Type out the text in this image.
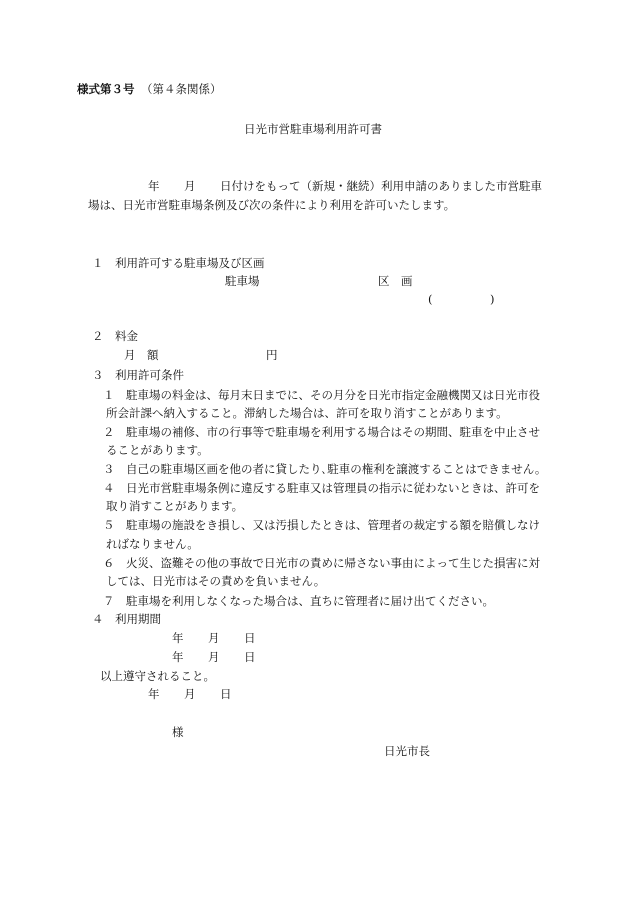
様式第３号 （第４条関係）
日光市営駐車場利用許可書
年 月 日付けをもって（新規・継続）利用申請のありました市営駐車
場は、日光市営駐車場条例及び次の条件により利用を許可いたします。
１　利用許可する駐車場及び区画
駐車場	区　画
(　　　　　)
２　料金
月　額	円
３　利用許可条件
１　駐車場の料金は、毎月末日までに、その月分を日光市指定金融機関又は日光市役
所会計課へ納入すること。滞納した場合は、許可を取り消すことがあります。
２　駐車場の補修、市の行事等で駐車場を利用する場合はその期間、駐車を中止させ
ることがあります。
３　自己の駐車場区画を他の者に貸したり､駐車の権利を譲渡することはできません。
４　日光市営駐車場条例に違反する駐車又は管理員の指示に従わないときは、許可を
取り消すことがあります。
５　駐車場の施設をき損し、又は汚損したときは、管理者の裁定する額を賠償しなけ
ればなりません。
６　火災、盗難その他の事故で日光市の責めに帰さない事由によって生じた損害に対
しては、日光市はその責めを負いません。
７　駐車場を利用しなくなった場合は、直ちに管理者に届け出てください。
４　利用期間
年 月 日
年 月 日
以上遵守されること。
年 月 日
様
日光市長
